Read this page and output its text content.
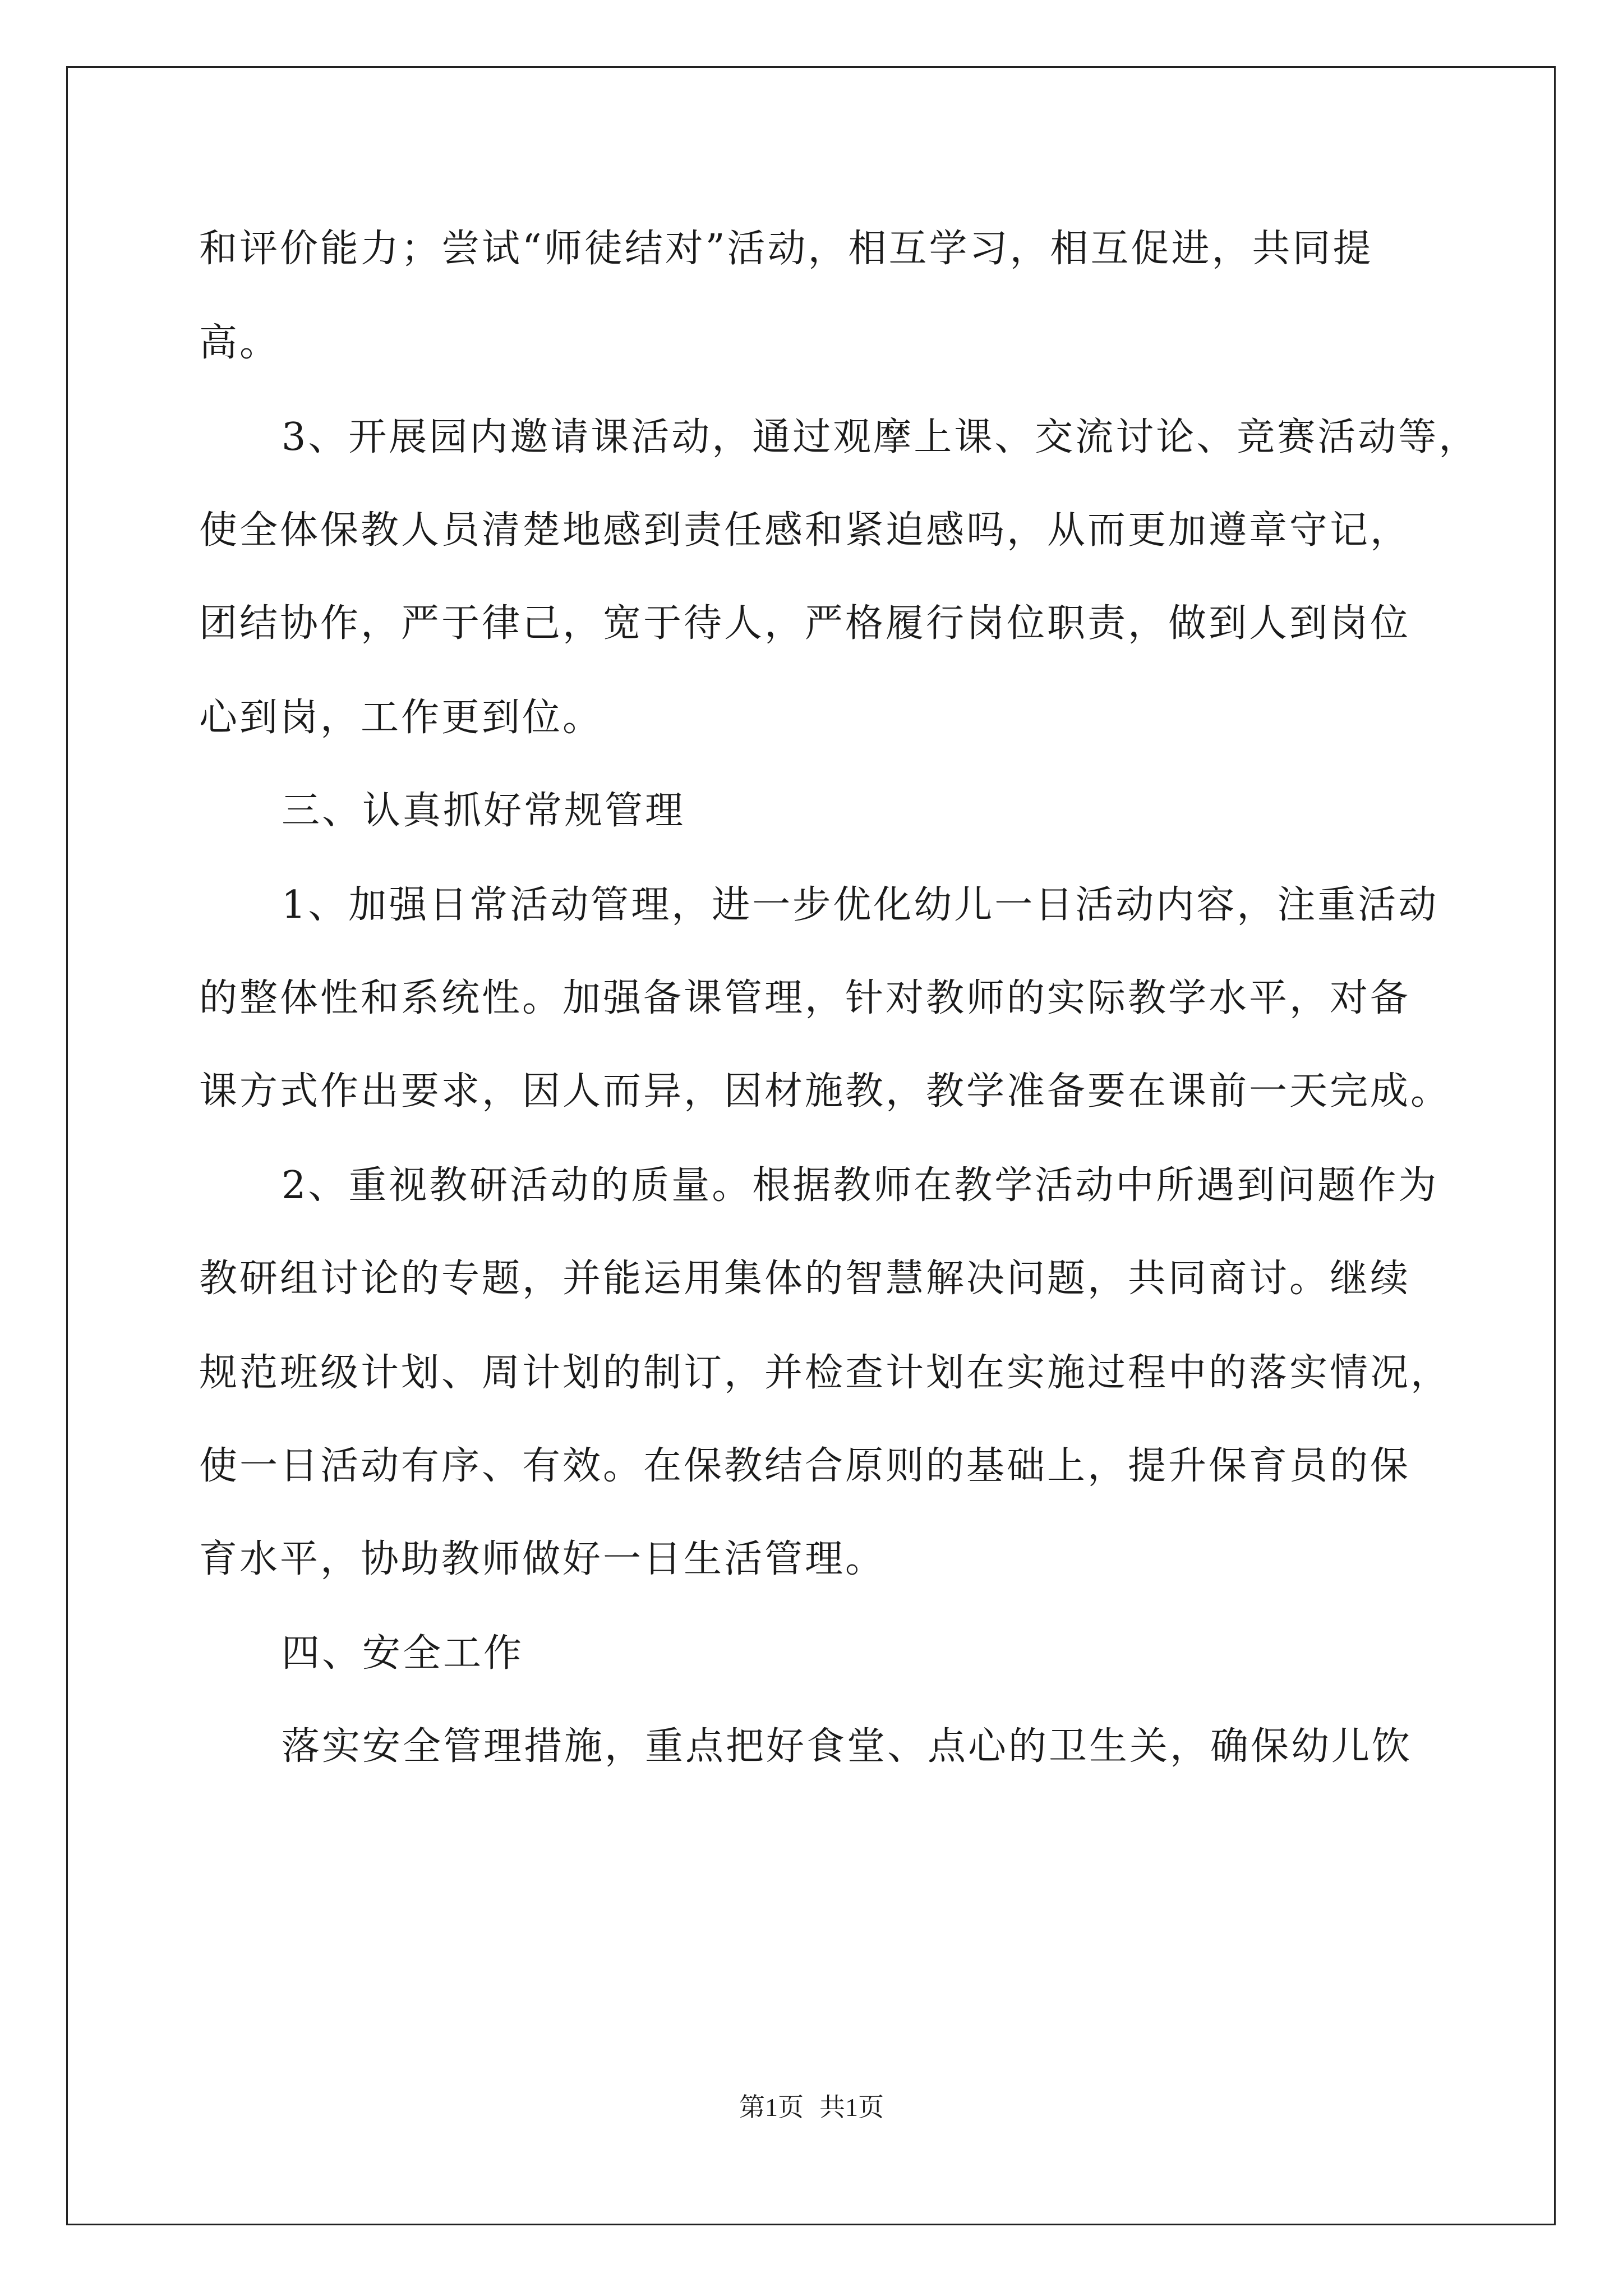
和评价能力；尝试“师徒结对”活动，相互学习，相互促进，共同提
高。
3、开展园内邀请课活动，通过观摩上课、交流讨论、竞赛活动等，
使全体保教人员清楚地感到责任感和紧迫感吗，从而更加遵章守记，
团结协作，严于律己，宽于待人，严格履行岗位职责，做到人到岗位
心到岗，工作更到位。
三、认真抓好常规管理
1、加强日常活动管理，进一步优化幼儿一日活动内容，注重活动
的整体性和系统性。加强备课管理，针对教师的实际教学水平，对备
课方式作出要求，因人而异，因材施教，教学准备要在课前一天完成。
2、重视教研活动的质量。根据教师在教学活动中所遇到问题作为
教研组讨论的专题，并能运用集体的智慧解决问题，共同商讨。继续
规范班级计划、周计划的制订，并检查计划在实施过程中的落实情况，
使一日活动有序、有效。在保教结合原则的基础上，提升保育员的保
育水平，协助教师做好一日生活管理。
四、安全工作
落实安全管理措施，重点把好食堂、点心的卫生关，确保幼儿饮
第1页 共1页
